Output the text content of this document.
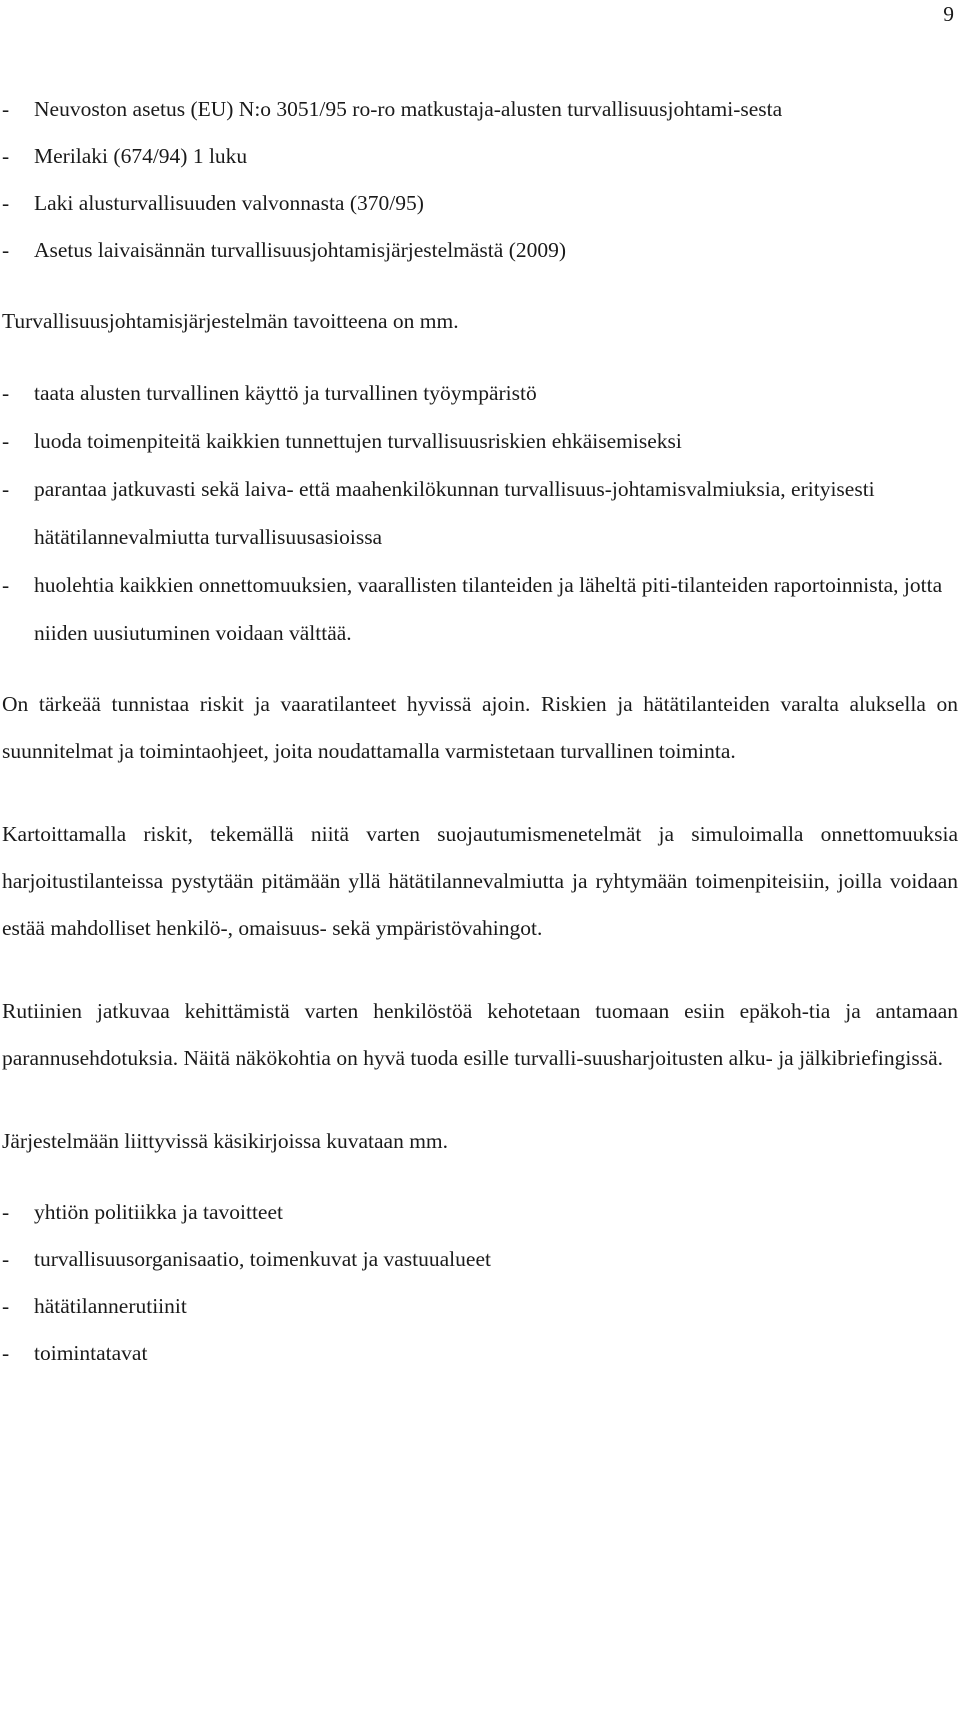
9
- Neuvoston asetus (EU) N:o 3051/95 ro-ro matkustaja-alusten turvallisuusjohtami-sesta
- Merilaki (674/94) 1 luku
- Laki alusturvallisuuden valvonnasta (370/95)
- Asetus laivaisännän turvallisuusjohtamisjärjestelmästä (2009)

Turvallisuusjohtamisjärjestelmän tavoitteena on mm.

- taata alusten turvallinen käyttö ja turvallinen työympäristö
- luoda toimenpiteitä kaikkien tunnettujen turvallisuusriskien ehkäisemiseksi
- parantaa jatkuvasti sekä laiva- että maahenkilökunnan turvallisuus-johtamisvalmiuksia, erityisesti hätätilannevalmiutta turvallisuusasioissa
- huolehtia kaikkien onnettomuuksien, vaarallisten tilanteiden ja läheltä piti-tilanteiden raportoinnista, jotta niiden uusiutuminen voidaan välttää.

On tärkeää tunnistaa riskit ja vaaratilanteet hyvissä ajoin. Riskien ja hätätilanteiden varalta aluksella on suunnitelmat ja toimintaohjeet, joita noudattamalla varmistetaan turvallinen toiminta.

Kartoittamalla riskit, tekemällä niitä varten suojautumismenetelmät ja simuloimalla onnettomuuksia harjoitustilanteissa pystytään pitämään yllä hätätilannevalmiutta ja ryhtymään toimenpiteisiin, joilla voidaan estää mahdolliset henkilö-, omaisuus- sekä ympäristövahingot.

Rutiinien jatkuvaa kehittämistä varten henkilöstöä kehotetaan tuomaan esiin epäkoh-tia ja antamaan parannusehdotuksia. Näitä näkökohtia on hyvä tuoda esille turvalli-suusharjoitusten alku- ja jälkibriefingissä.

Järjestelmään liittyvissä käsikirjoissa kuvataan mm.

- yhtiön politiikka ja tavoitteet
- turvallisuusorganisaatio, toimenkuvat ja vastuualueet
- hätätilannerutiinit
- toimintatavat
